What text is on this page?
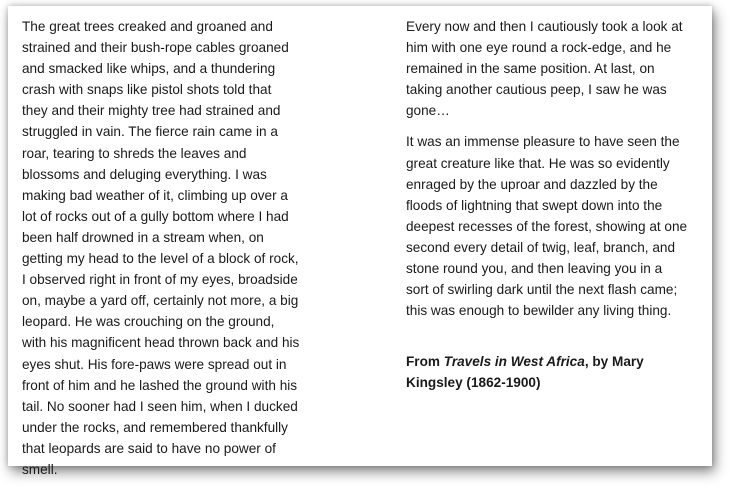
The great trees creaked and groaned and
strained and their bush-rope cables groaned
and smacked like whips, and a thundering
crash with snaps like pistol shots told that
they and their mighty tree had strained and
struggled in vain. The fierce rain came in a
roar, tearing to shreds the leaves and
blossoms and deluging everything. I was
making bad weather of it, climbing up over a
lot of rocks out of a gully bottom where I had
been half drowned in a stream when, on
getting my head to the level of a block of rock,
I observed right in front of my eyes, broadside
on, maybe a yard off, certainly not more, a big
leopard. He was crouching on the ground,
with his magnificent head thrown back and his
eyes shut. His fore-paws were spread out in
front of him and he lashed the ground with his
tail. No sooner had I seen him, when I ducked
under the rocks, and remembered thankfully
that leopards are said to have no power of
smell.
Every now and then I cautiously took a look at
him with one eye round a rock-edge, and he
remained in the same position. At last, on
taking another cautious peep, I saw he was
gone…
It was an immense pleasure to have seen the
great creature like that. He was so evidently
enraged by the uproar and dazzled by the
floods of lightning that swept down into the
deepest recesses of the forest, showing at one
second every detail of twig, leaf, branch, and
stone round you, and then leaving you in a
sort of swirling dark until the next flash came;
this was enough to bewilder any living thing.
From Travels in West Africa, by Mary
Kingsley (1862-1900)
